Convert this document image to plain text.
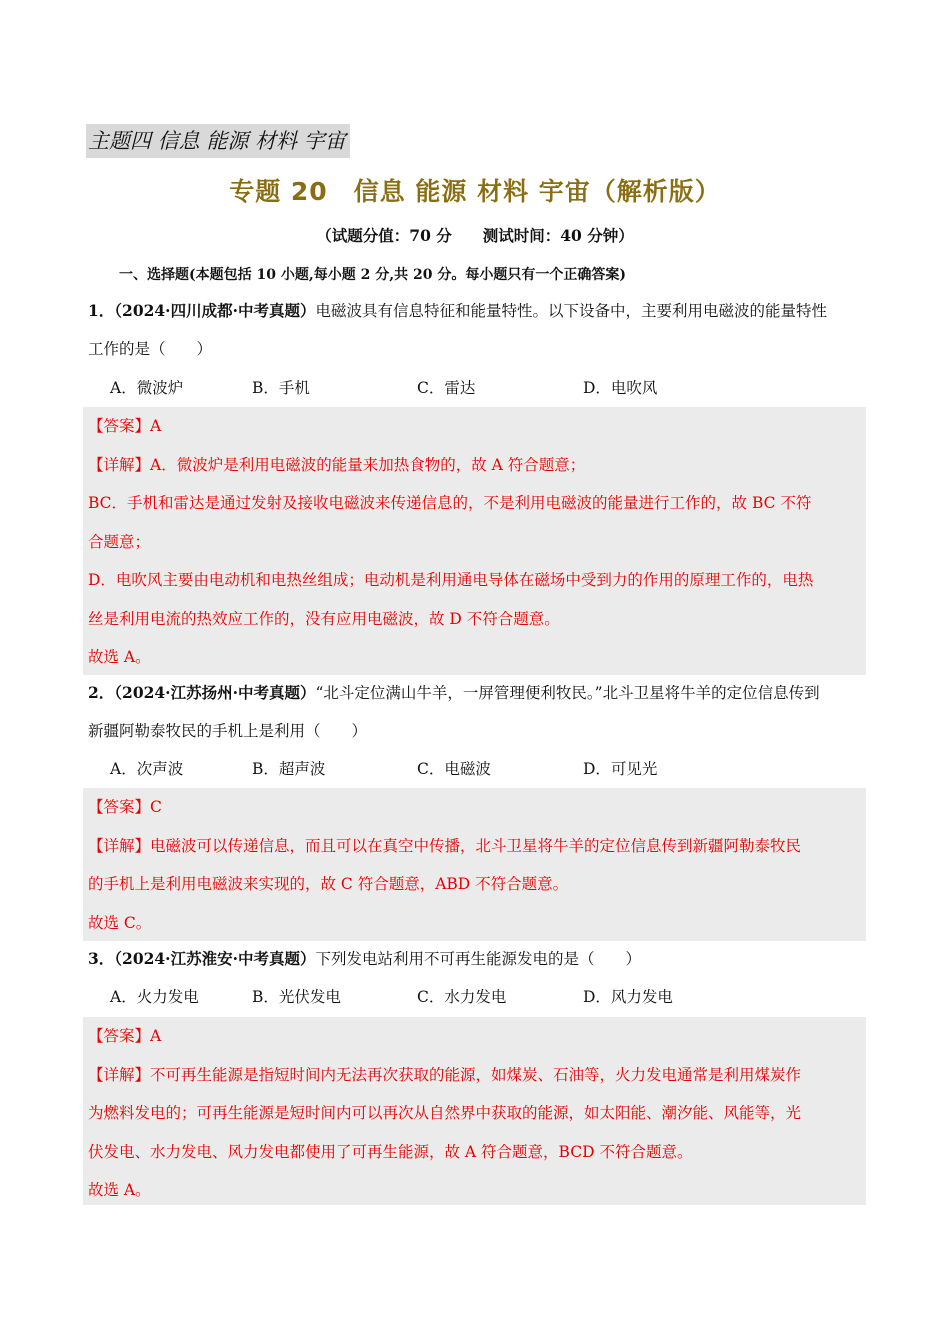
主题四 信息 能源 材料 宇宙
专题 20　信息 能源 材料 宇宙（解析版）
（试题分值：70 分　　测试时间：40 分钟）
一、选择题(本题包括 10 小题,每小题 2 分,共 20 分。每小题只有一个正确答案)
1．（2024·四川成都·中考真题）电磁波具有信息特征和能量特性。以下设备中，主要利用电磁波的能量特性
工作的是（　　）
A．微波炉	B．手机	C．雷达	D．电吹风

【答案】A

【详解】A．微波炉是利用电磁波的能量来加热食物的，故 A 符合题意；

BC．手机和雷达是通过发射及接收电磁波来传递信息的，不是利用电磁波的能量进行工作的，故 BC 不符

合题意；

D．电吹风主要由电动机和电热丝组成；电动机是利用通电导体在磁场中受到力的作用的原理工作的，电热

丝是利用电流的热效应工作的，没有应用电磁波，故 D 不符合题意。

故选 A。

2．（2024·江苏扬州·中考真题）“北斗定位满山牛羊，一屏管理便利牧民。”北斗卫星将牛羊的定位信息传到
新疆阿勒泰牧民的手机上是利用（　　）
A．次声波	B．超声波	C．电磁波	D．可见光

【答案】C

【详解】电磁波可以传递信息，而且可以在真空中传播，北斗卫星将牛羊的定位信息传到新疆阿勒泰牧民

的手机上是利用电磁波来实现的，故 C 符合题意，ABD 不符合题意。

故选 C。

3．（2024·江苏淮安·中考真题）下列发电站利用不可再生能源发电的是（　　）
A．火力发电	B．光伏发电	C．水力发电	D．风力发电

【答案】A

【详解】不可再生能源是指短时间内无法再次获取的能源，如煤炭、石油等，火力发电通常是利用煤炭作

为燃料发电的；可再生能源是短时间内可以再次从自然界中获取的能源，如太阳能、潮汐能、风能等，光

伏发电、水力发电、风力发电都使用了可再生能源，故 A 符合题意，BCD 不符合题意。

故选 A。
